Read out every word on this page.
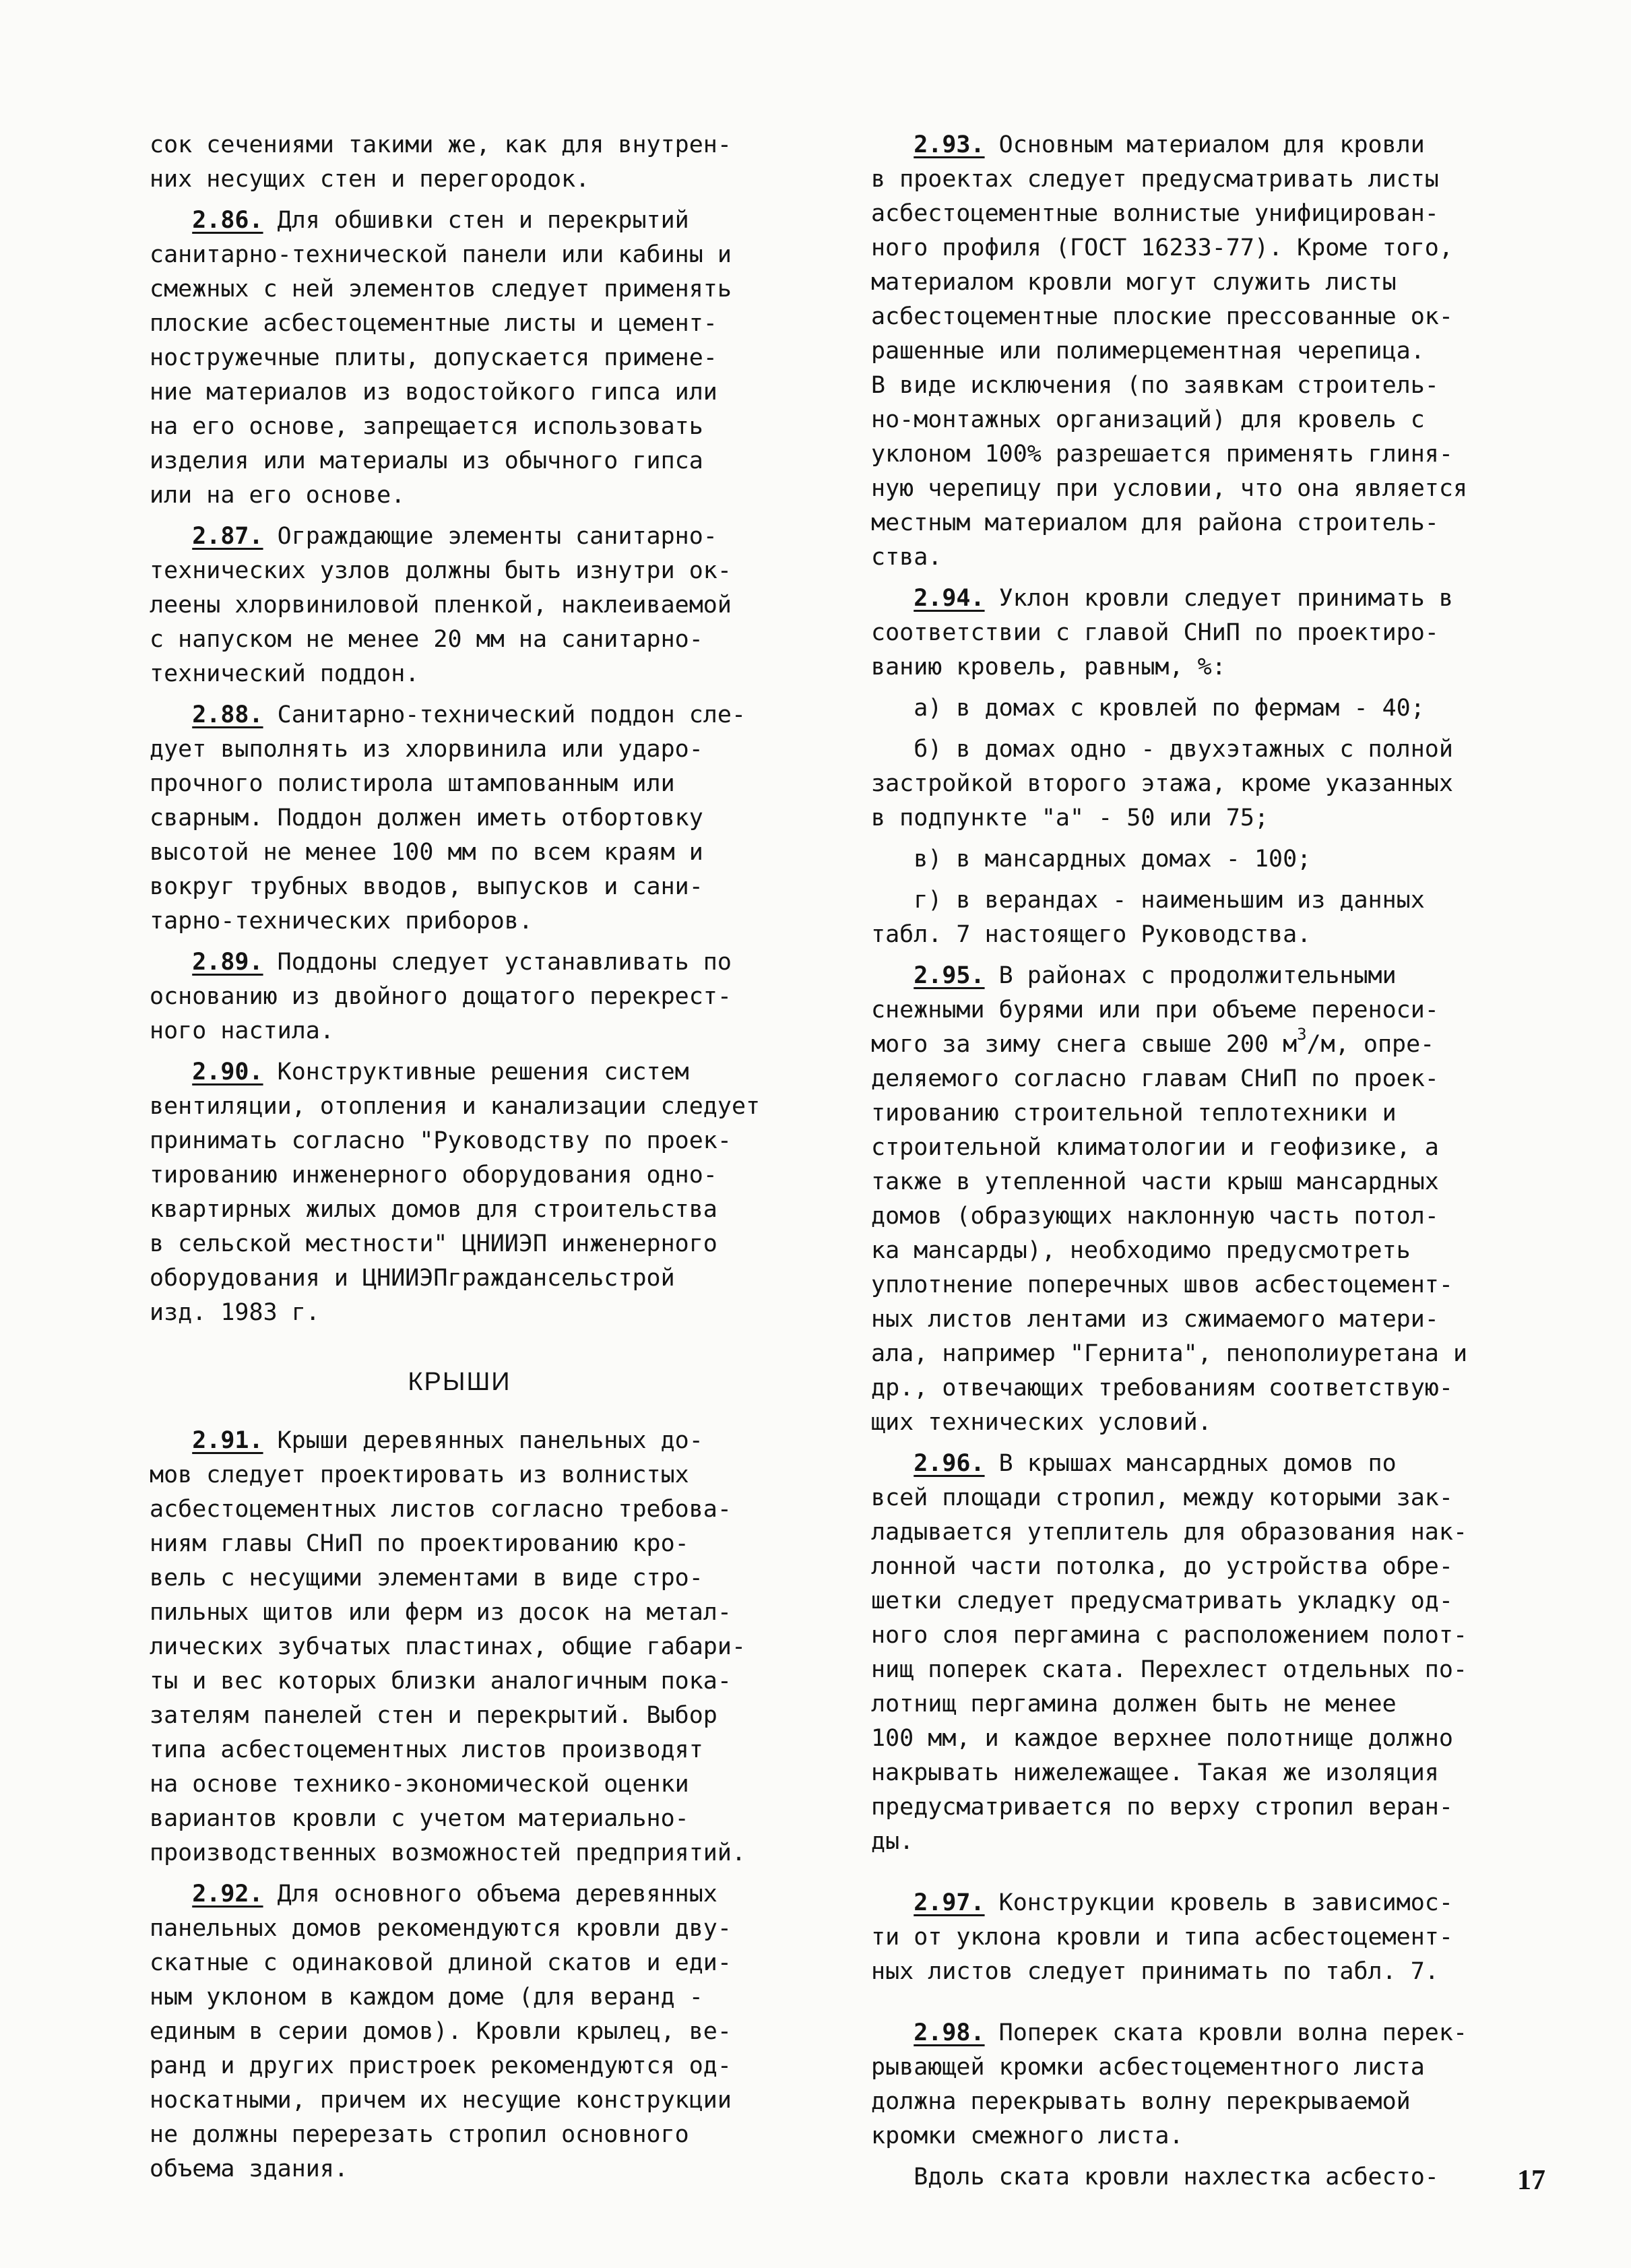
сок сечениями такими же, как для внутрен-
них несущих стен и перегородок.

2.86. Для обшивки стен и перекрытий
санитарно-технической панели или кабины и
смежных с ней элементов следует применять
плоские асбестоцементные листы и цемент-
ностружечные плиты, допускается примене-
ние материалов из водостойкого гипса или
на его основе, запрещается использовать
изделия или материалы из обычного гипса
или на его основе.

2.87. Ограждающие элементы санитарно-
технических узлов должны быть изнутри ок-
леены хлорвиниловой пленкой, наклеиваемой
с напуском не менее 20 мм на санитарно-
технический поддон.

2.88. Санитарно-технический поддон сле-
дует выполнять из хлорвинила или ударо-
прочного полистирола штампованным или
сварным. Поддон должен иметь отбортовку
высотой не менее 100 мм по всем краям и
вокруг трубных вводов, выпусков и сани-
тарно-технических приборов.

2.89. Поддоны следует устанавливать по
основанию из двойного дощатого перекрест-
ного настила.

2.90. Конструктивные решения систем
вентиляции, отопления и канализации следует
принимать согласно "Руководству по проек-
тированию инженерного оборудования одно-
квартирных жилых домов для строительства
в сельской местности" ЦНИИЭП инженерного
оборудования и ЦНИИЭПграждансельстрой
изд. 1983 г.

КРЫШИ

2.91. Крыши деревянных панельных до-
мов следует проектировать из волнистых
асбестоцементных листов согласно требова-
ниям главы СНиП по проектированию кро-
вель с несущими элементами в виде стро-
пильных щитов или ферм из досок на метал-
лических зубчатых пластинах, общие габари-
ты и вес которых близки аналогичным пока-
зателям панелей стен и перекрытий. Выбор
типа асбестоцементных листов производят
на основе технико-экономической оценки
вариантов кровли с учетом материально-
производственных возможностей предприятий.

2.92. Для основного объема деревянных
панельных домов рекомендуются кровли дву-
скатные с одинаковой длиной скатов и еди-
ным уклоном в каждом доме (для веранд -
единым в серии домов). Кровли крылец, ве-
ранд и других пристроек рекомендуются од-
носкатными, причем их несущие конструкции
не должны перерезать стропил основного
объема здания.

2.93. Основным материалом для кровли
в проектах следует предусматривать листы
асбестоцементные волнистые унифицирован-
ного профиля (ГОСТ 16233-77). Кроме того,
материалом кровли могут служить листы
асбестоцементные плоские прессованные ок-
рашенные или полимерцементная черепица.
В виде исключения (по заявкам строитель-
но-монтажных организаций) для кровель с
уклоном 100% разрешается применять глиня-
ную черепицу при условии, что она является
местным материалом для района строитель-
ства.

2.94. Уклон кровли следует принимать в
соответствии с главой СНиП по проектиро-
ванию кровель, равным, %:

а) в домах с кровлей по фермам - 40;

б) в домах одно - двухэтажных с полной
застройкой второго этажа, кроме указанных
в подпункте "а" - 50 или 75;

в) в мансардных домах - 100;

г) в верандах - наименьшим из данных
табл. 7 настоящего Руководства.

2.95. В районах с продолжительными
снежными бурями или при объеме переноси-
мого за зиму снега свыше 200 $м^3/м$, опре-
деляемого согласно главам СНиП по проек-
тированию строительной теплотехники и
строительной климатологии и геофизике, а
также в утепленной части крыш мансардных
домов (образующих наклонную часть потол-
ка мансарды), необходимо предусмотреть
уплотнение поперечных швов асбестоцемент-
ных листов лентами из сжимаемого матери-
ала, например "Гернита", пенополиуретана и
др., отвечающих требованиям соответствую-
щих технических условий.

2.96. В крышах мансардных домов по
всей площади стропил, между которыми зак-
ладывается утеплитель для образования нак-
лонной части потолка, до устройства обре-
шетки следует предусматривать укладку од-
ного слоя пергамина с расположением полот-
нищ поперек ската. Перехлест отдельных по-
лотнищ пергамина должен быть не менее
100 мм, и каждое верхнее полотнище должно
накрывать нижележащее. Такая же изоляция
предусматривается по верху стропил веран-
ды.

2.97. Конструкции кровель в зависимос-
ти от уклона кровли и типа асбестоцемент-
ных листов следует принимать по табл. 7.

2.98. Поперек ската кровли волна перек-
рывающей кромки асбестоцементного листа
должна перекрывать волну перекрываемой
кромки смежного листа.

Вдоль ската кровли нахлестка асбесто-	17
